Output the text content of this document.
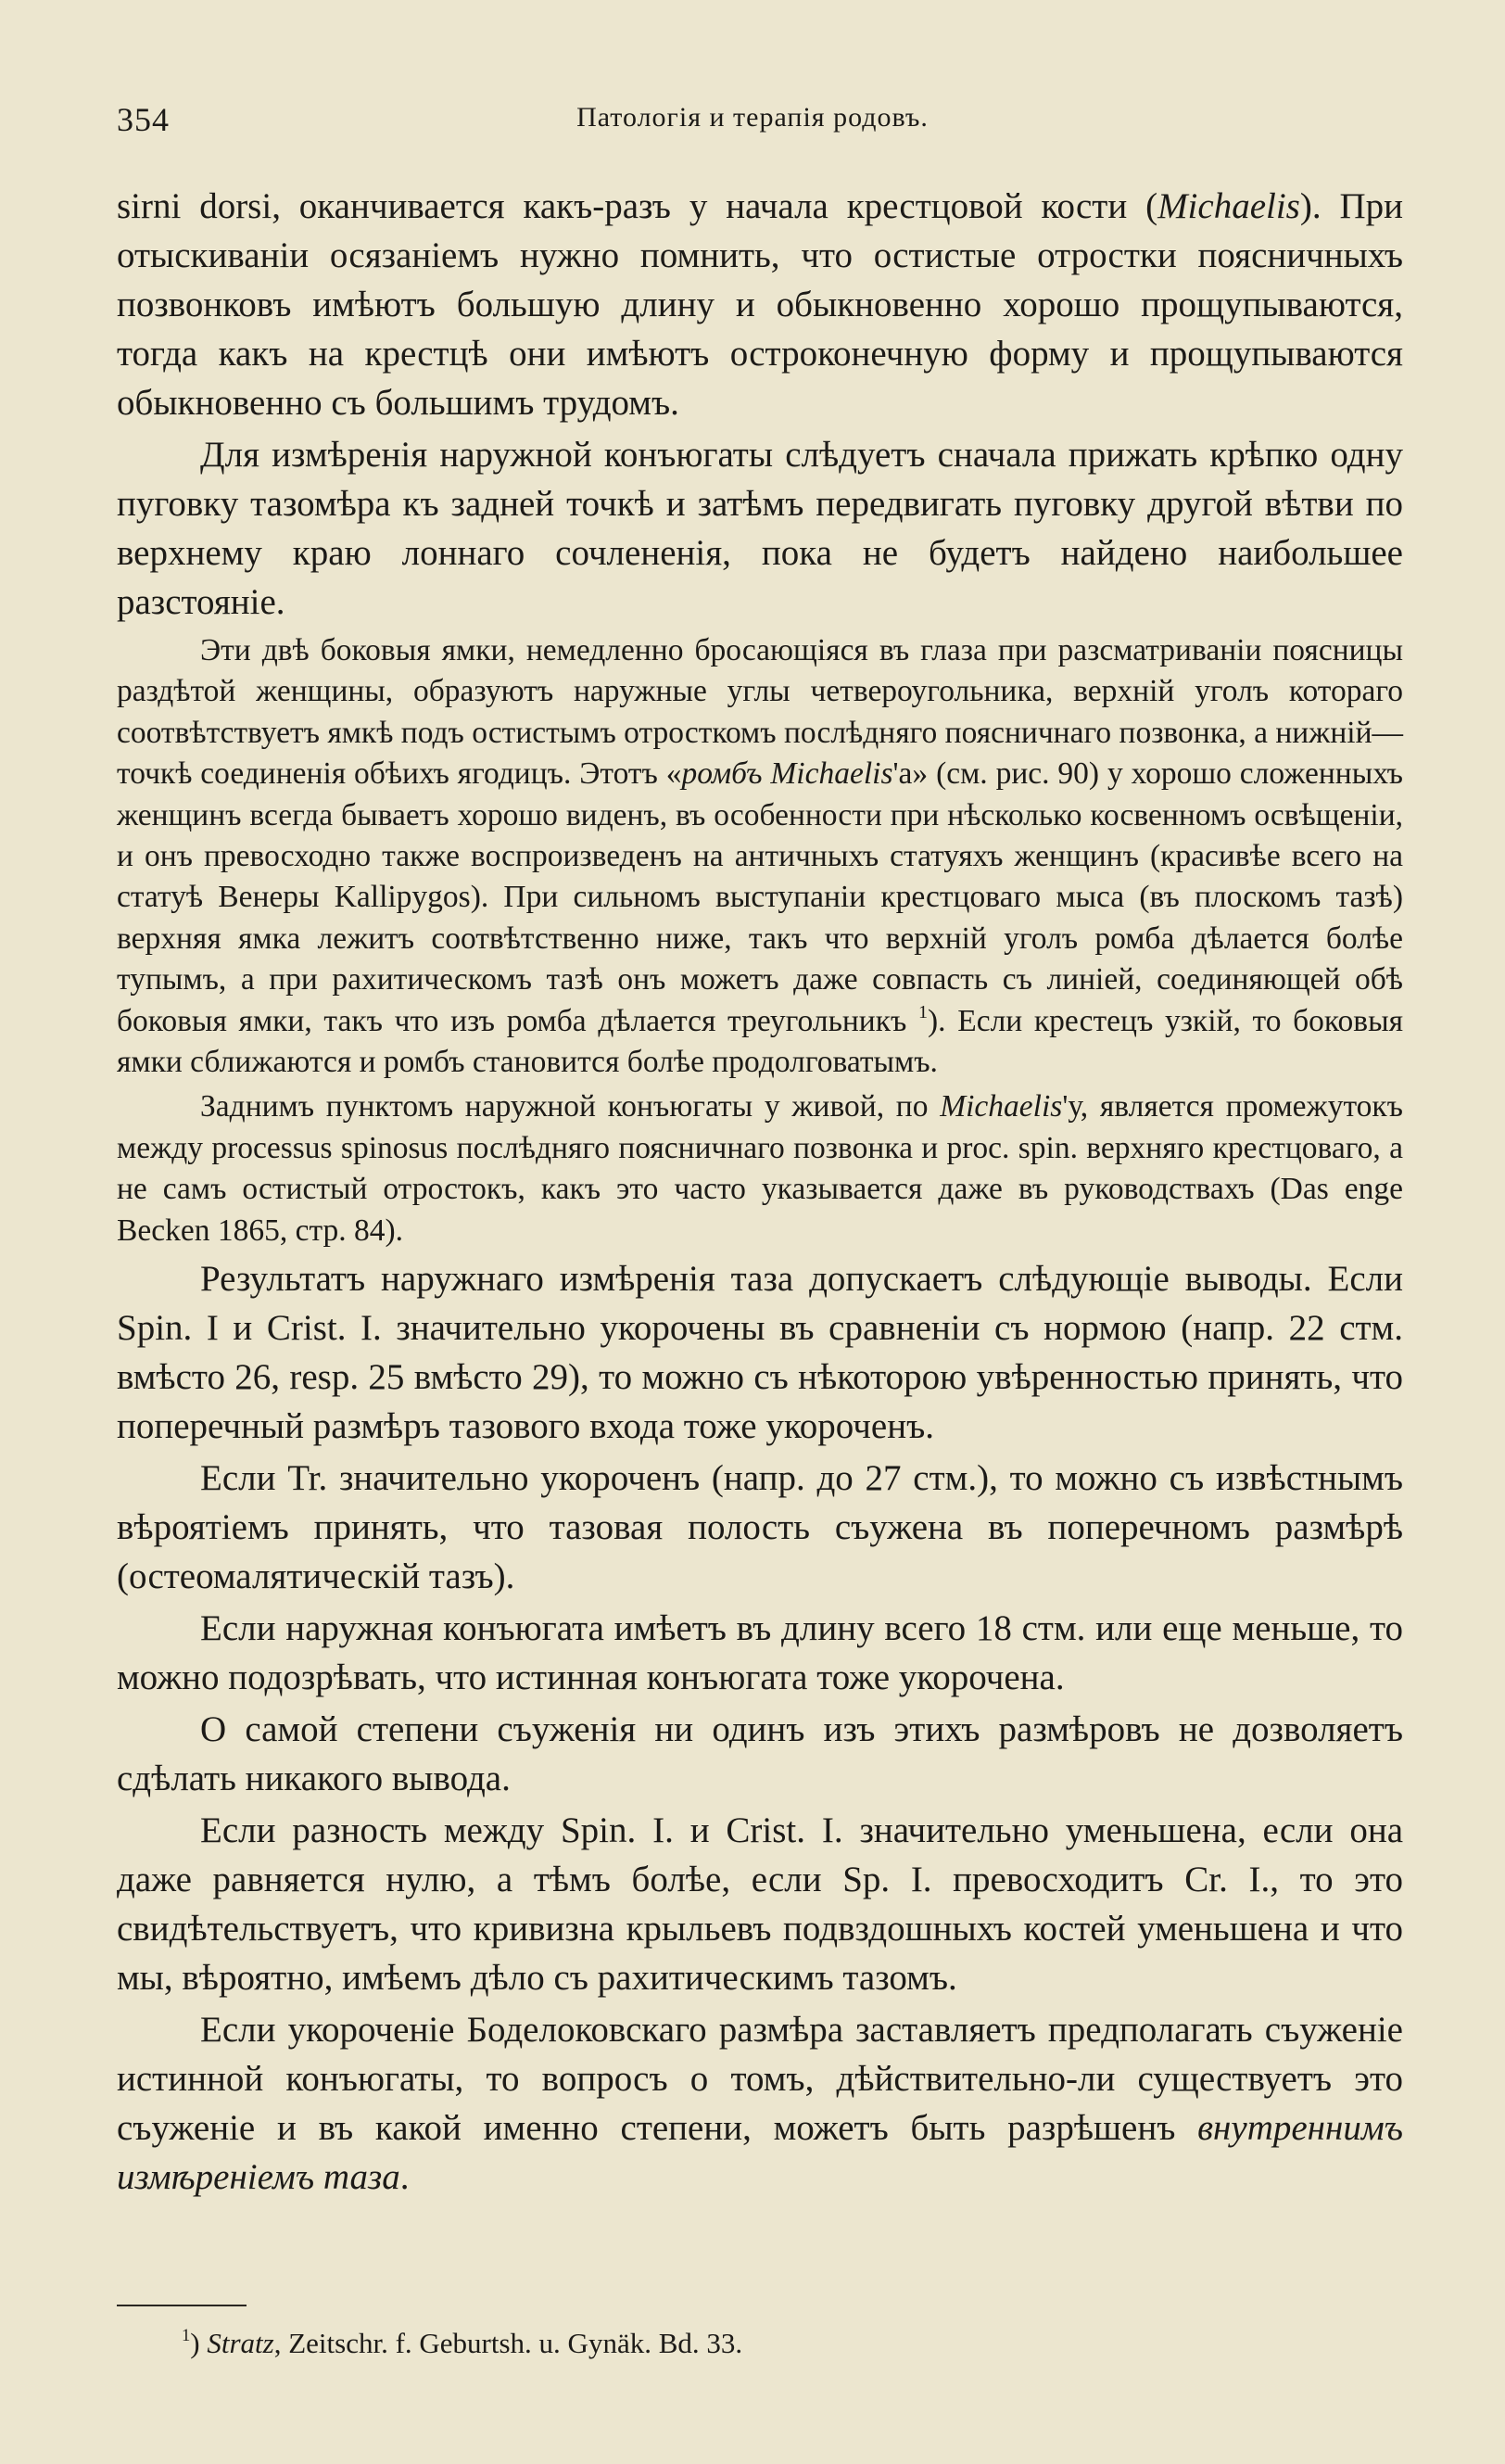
354	Патологія и терапія родовъ.

sirni dorsi, оканчивается какъ-разъ у начала крестцовой кости (Michaelis). При отыскиваніи осязаніемъ нужно помнить, что остистые отростки поясничныхъ позвонковъ имѣютъ большую длину и обыкновенно хорошо прощупываются, тогда какъ на крестцѣ они имѣютъ остроконечную форму и прощупываются обыкновенно съ большимъ трудомъ.

Для измѣренія наружной конъюгаты слѣдуетъ сначала прижать крѣпко одну пуговку тазомѣра къ задней точкѣ и затѣмъ передвигать пуговку другой вѣтви по верхнему краю лоннаго сочлененія, пока не будетъ найдено наибольшее разстояніе.

Эти двѣ боковыя ямки, немедленно бросающіяся въ глаза при разсматриваніи поясницы раздѣтой женщины, образуютъ наружные углы четвероугольника, верхній уголъ котораго соотвѣтствуетъ ямкѣ подъ остистымъ отросткомъ послѣдняго поясничнаго позвонка, а нижній—точкѣ соединенія обѣихъ ягодицъ. Этотъ «ромбъ Michaelis'а» (см. рис. 90) у хорошо сложенныхъ женщинъ всегда бываетъ хорошо виденъ, въ особенности при нѣсколько косвенномъ освѣщеніи, и онъ превосходно также воспроизведенъ на античныхъ статуяхъ женщинъ (красивѣе всего на статуѣ Венеры Kallipygos). При сильномъ выступаніи крестцоваго мыса (въ плоскомъ тазѣ) верхняя ямка лежитъ соотвѣтственно ниже, такъ что верхній уголъ ромба дѣлается болѣе тупымъ, а при рахитическомъ тазѣ онъ можетъ даже совпасть съ линіей, соединяющей обѣ боковыя ямки, такъ что изъ ромба дѣлается треугольникъ $^1$). Если крестецъ узкій, то боковыя ямки сближаются и ромбъ становится болѣе продолговатымъ.

Заднимъ пунктомъ наружной конъюгаты у живой, по Michaelis'у, является промежутокъ между processus spinosus послѣдняго поясничнаго позвонка и proc. spin. верхняго крестцоваго, а не самъ остистый отростокъ, какъ это часто указывается даже въ руководствахъ (Das enge Becken 1865, стр. 84).

Результатъ наружнаго измѣренія таза допускаетъ слѣдующіе выводы. Если Spin. I и Crist. I. значительно укорочены въ сравненіи съ нормою (напр. 22 стм. вмѣсто 26, resp. 25 вмѣсто 29), то можно съ нѣкоторою увѣренностью принять, что поперечный размѣръ тазового входа тоже укороченъ.

Если Tr. значительно укороченъ (напр. до 27 стм.), то можно съ извѣстнымъ вѣроятіемъ принять, что тазовая полость съужена въ поперечномъ размѣрѣ (остеомалятическій тазъ).

Если наружная конъюгата имѣетъ въ длину всего 18 стм. или еще меньше, то можно подозрѣвать, что истинная конъюгата тоже укорочена.

О самой степени съуженія ни одинъ изъ этихъ размѣровъ не дозволяетъ сдѣлать никакого вывода.

Если разность между Spin. I. и Crist. I. значительно уменьшена, если она даже равняется нулю, а тѣмъ болѣе, если Sp. I. превосходитъ Cr. I., то это свидѣтельствуетъ, что кривизна крыльевъ подвздошныхъ костей уменьшена и что мы, вѣроятно, имѣемъ дѣло съ рахитическимъ тазомъ.

Если укороченіе Боделоковскаго размѣра заставляетъ предполагать съуженіе истинной конъюгаты, то вопросъ о томъ, дѣйствительно-ли существуетъ это съуженіе и въ какой именно степени, можетъ быть разрѣшенъ внутреннимъ измѣреніемъ таза.

$^1$) Stratz, Zeitschr. f. Geburtsh. u. Gynäk. Bd. 33.
